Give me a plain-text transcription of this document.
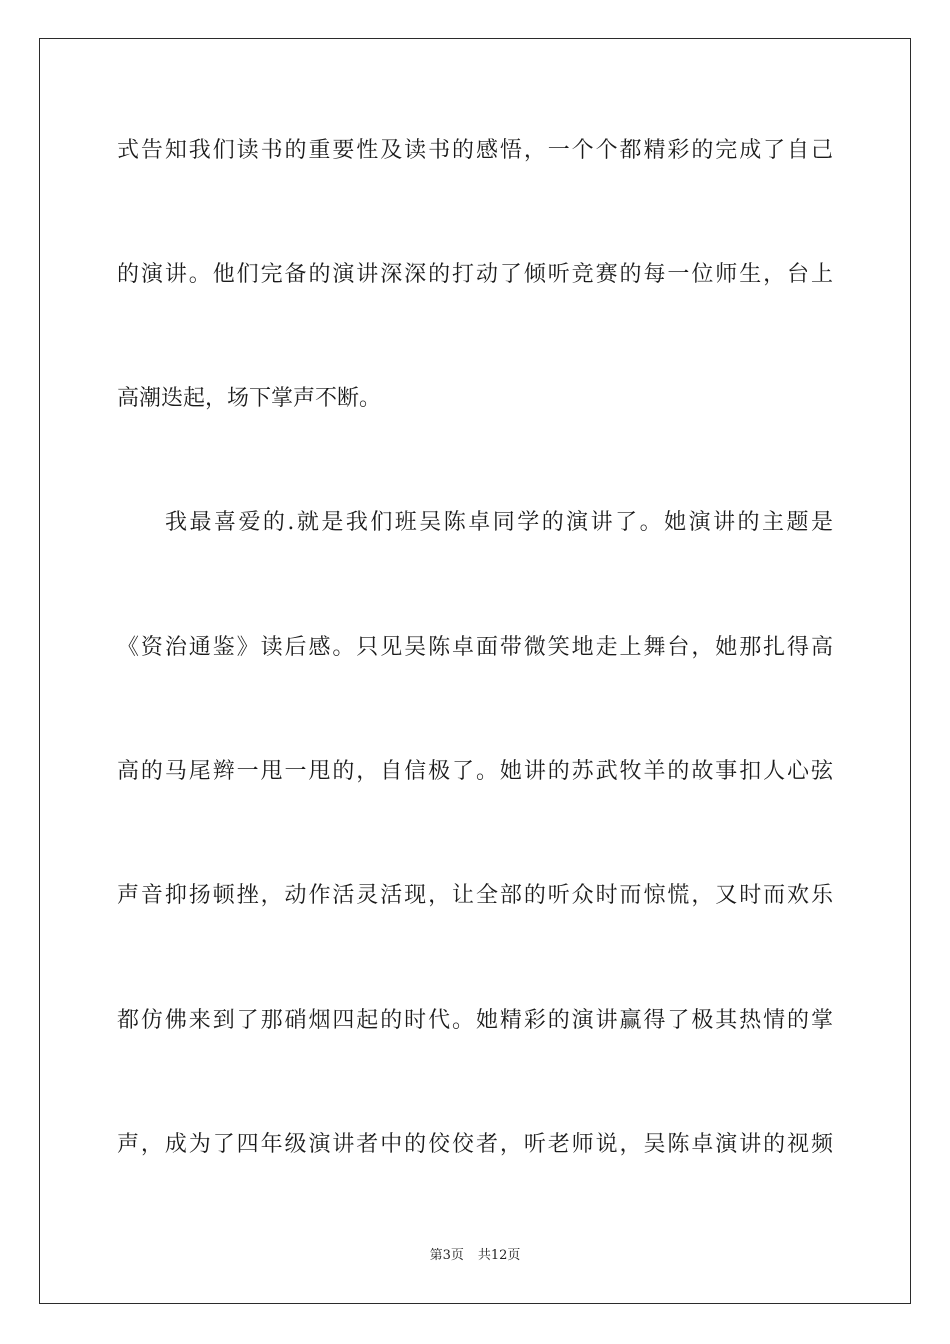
式告知我们读书的重要性及读书的感悟，一个个都精彩的完成了自己
的演讲。他们完备的演讲深深的打动了倾听竞赛的每一位师生，台上
高潮迭起，场下掌声不断。
我最喜爱的.就是我们班吴陈卓同学的演讲了。她演讲的主题是
《资治通鉴》读后感。只见吴陈卓面带微笑地走上舞台，她那扎得高
高的马尾辫一甩一甩的，自信极了。她讲的苏武牧羊的故事扣人心弦
声音抑扬顿挫，动作活灵活现，让全部的听众时而惊慌，又时而欢乐
都仿佛来到了那硝烟四起的时代。她精彩的演讲赢得了极其热情的掌
声，成为了四年级演讲者中的佼佼者，听老师说，吴陈卓演讲的视频
第3页 共12页
